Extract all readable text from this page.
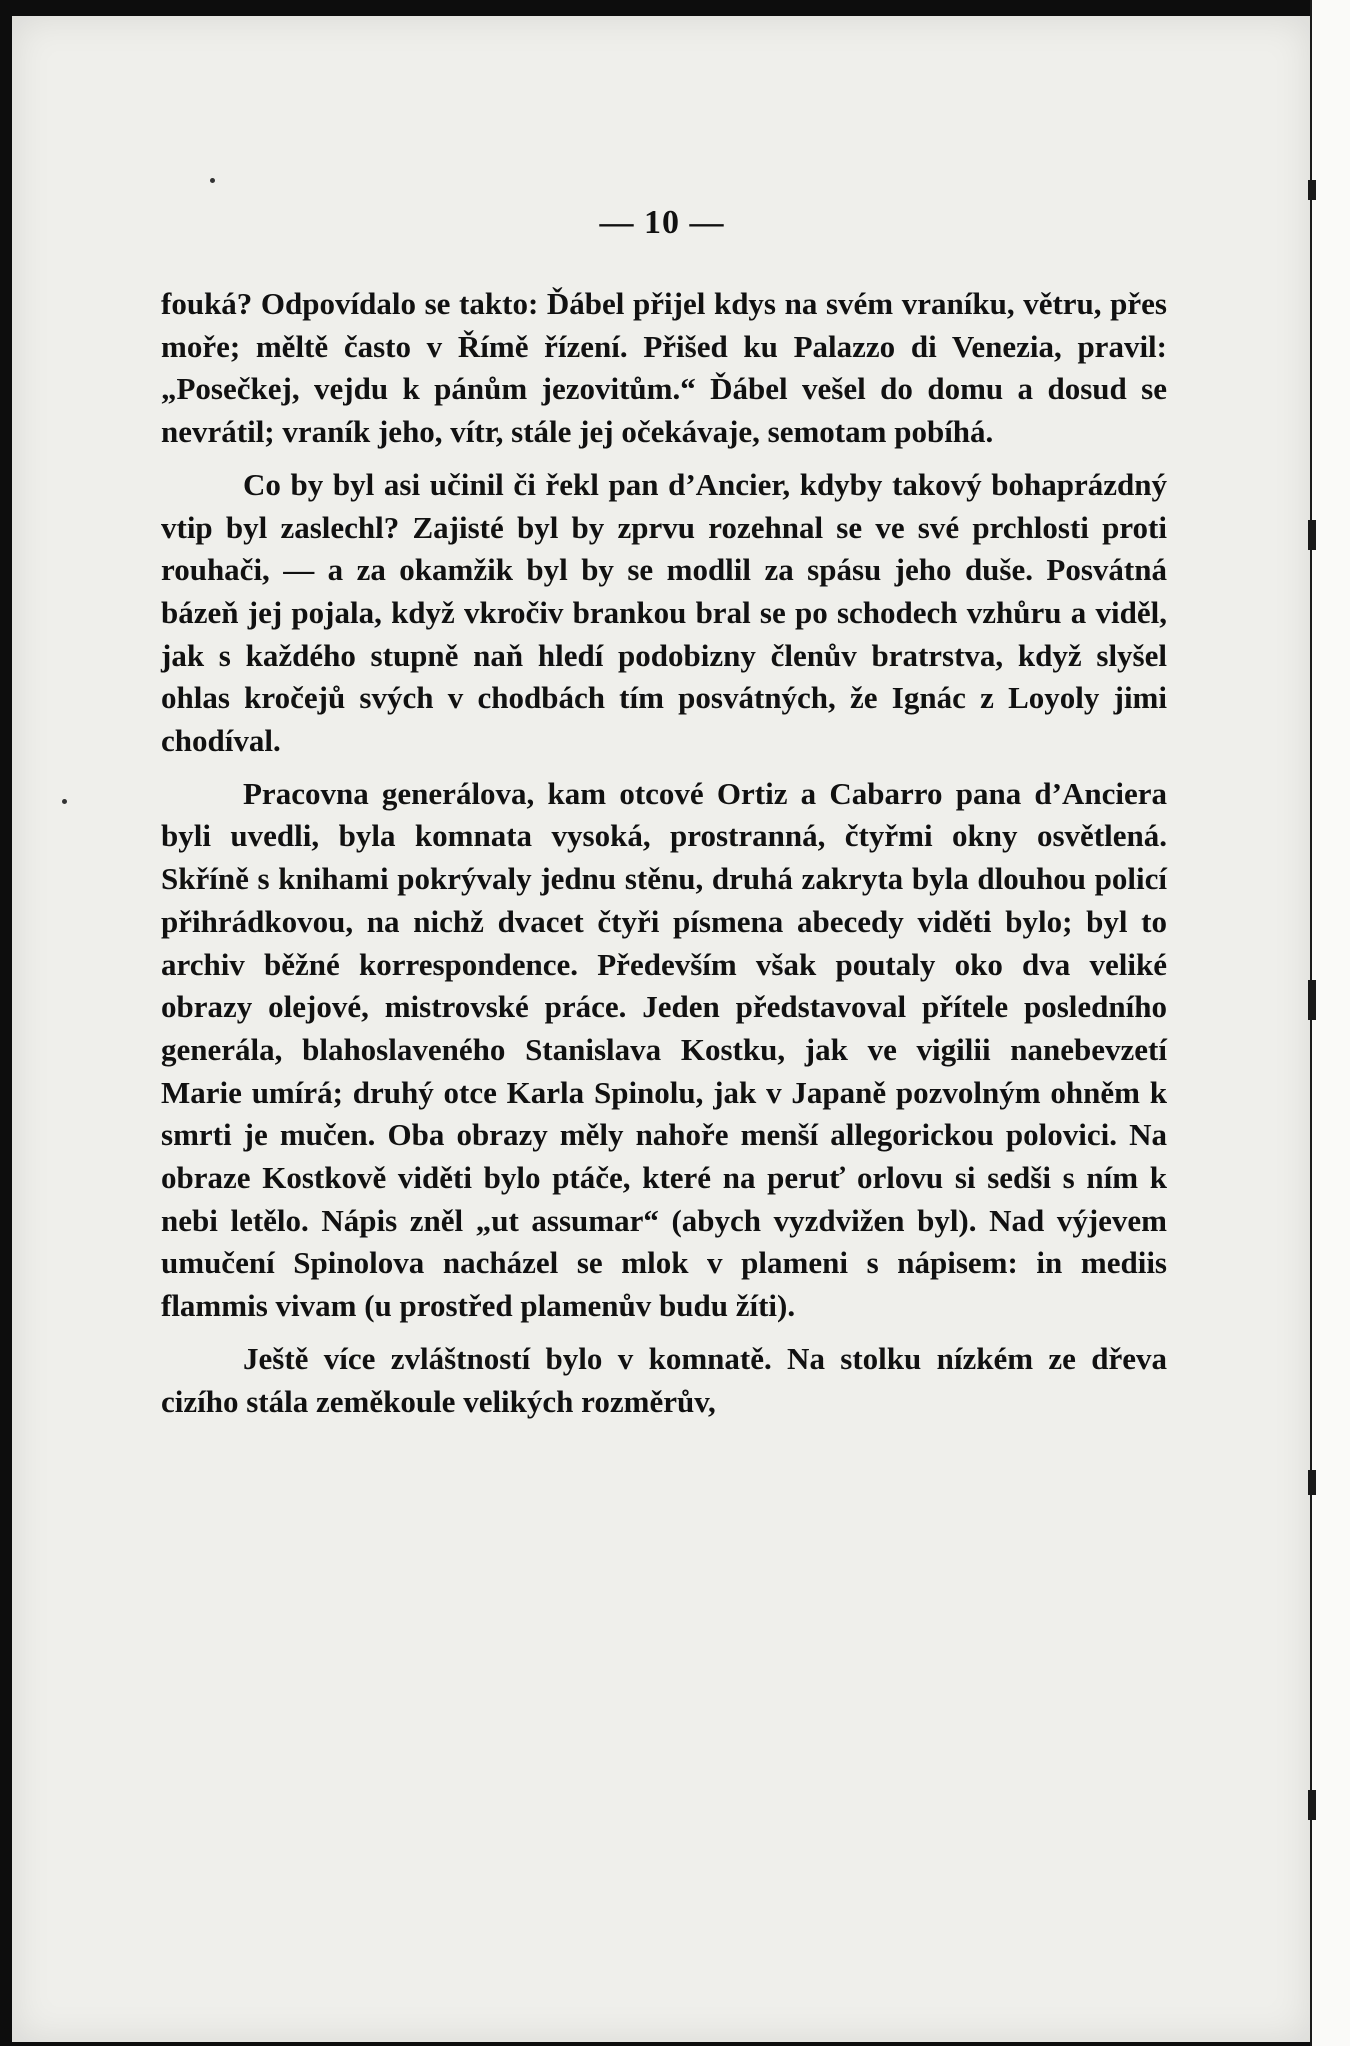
— 10 —

fouká? Odpovídalo se takto: Ďábel přijel kdys na svém vraníku, větru, přes moře; měltě často v Římě řízení. Přišed ku Palazzo di Venezia, pravil: „Posečkej, vejdu k pánům jezovitům.“ Ďábel vešel do domu a dosud se nevrátil; vraník jeho, vítr, stále jej očekávaje, semotam pobíhá.

Co by byl asi učinil či řekl pan d’Ancier, kdyby takový bohaprázdný vtip byl zaslechl? Zajisté byl by zprvu rozehnal se ve své prchlosti proti rouhači, — a za okamžik byl by se modlil za spásu jeho duše. Posvátná bázeň jej pojala, když vkročiv brankou bral se po schodech vzhůru a viděl, jak s každého stupně naň hledí podobizny členův bratrstva, když slyšel ohlas kročejů svých v chodbách tím posvátných, že Ignác z Loyoly jimi chodíval.

Pracovna generálova, kam otcové Ortiz a Cabarro pana d’Anciera byli uvedli, byla komnata vysoká, prostranná, čtyřmi okny osvětlená. Skříně s knihami pokrývaly jednu stěnu, druhá zakryta byla dlouhou policí přihrádkovou, na nichž dvacet čtyři písmena abecedy viděti bylo; byl to archiv běžné korrespondence. Především však poutaly oko dva veliké obrazy olejové, mistrovské práce. Jeden představoval přítele posledního generála, blahoslaveného Stanislava Kostku, jak ve vigilii nanebevzetí Marie umírá; druhý otce Karla Spinolu, jak v Japaně pozvolným ohněm k smrti je mučen. Oba obrazy měly nahoře menší allegorickou polovici. Na obraze Kostkově viděti bylo ptáče, které na peruť orlovu si sedši s ním k nebi letělo. Nápis zněl „ut assumar“ (abych vyzdvižen byl). Nad výjevem umučení Spinolova nacházel se mlok v plameni s nápisem: in mediis flammis vivam (u prostřed plamenův budu žíti).

Ještě více zvláštností bylo v komnatě. Na stolku nízkém ze dřeva cizího stála zeměkoule velikých rozměrův,
